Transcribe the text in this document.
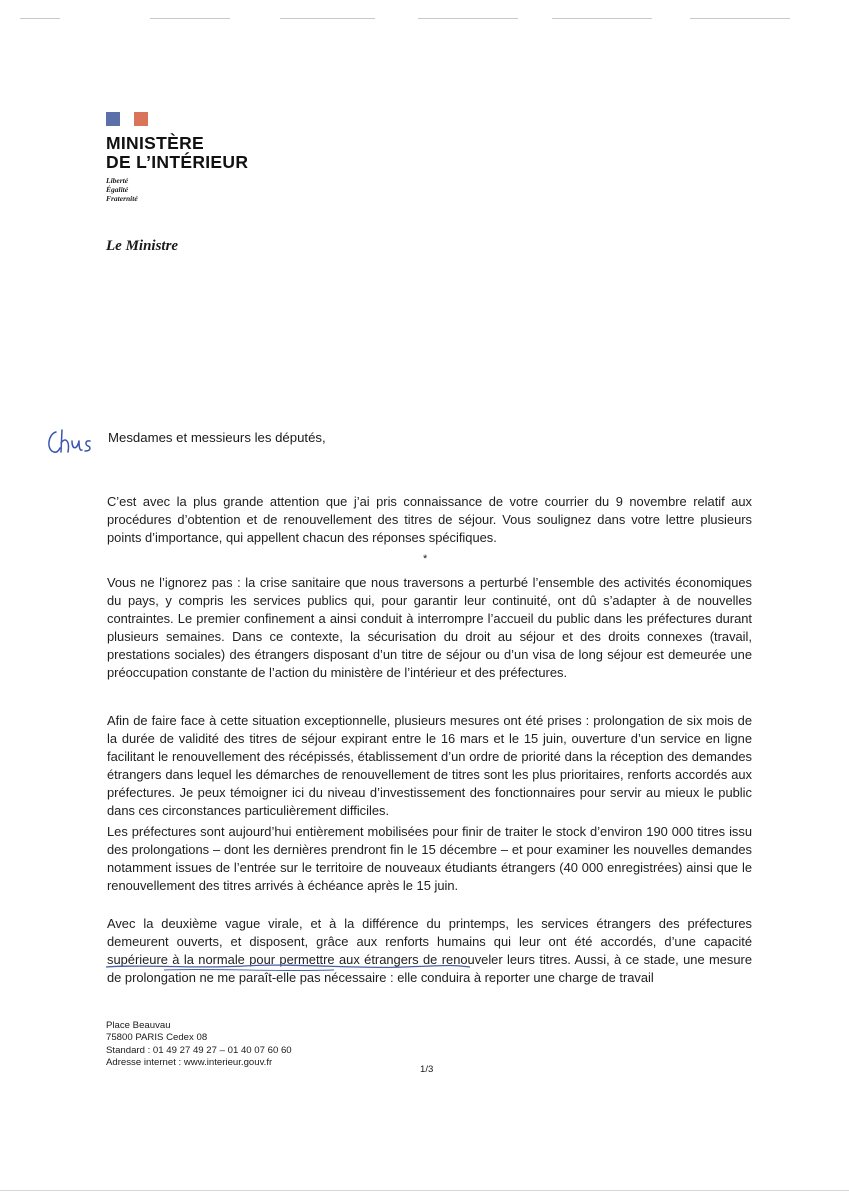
MINISTÈRE
DE L’INTÉRIEUR
Liberté
Égalité
Fraternité
Le Ministre
Mesdames et messieurs les députés,
C’est avec la plus grande attention que j’ai pris connaissance de votre courrier du 9 novembre relatif aux procédures d’obtention et de renouvellement des titres de séjour. Vous soulignez dans votre lettre plusieurs points d’importance, qui appellent chacun des réponses spécifiques.
*
Vous ne l’ignorez pas : la crise sanitaire que nous traversons a perturbé l’ensemble des activités économiques du pays, y compris les services publics qui, pour garantir leur continuité, ont dû s’adapter à de nouvelles contraintes. Le premier confinement a ainsi conduit à interrompre l’accueil du public dans les préfectures durant plusieurs semaines. Dans ce contexte, la sécurisation du droit au séjour et des droits connexes (travail, prestations sociales) des étrangers disposant d’un titre de séjour ou d’un visa de long séjour est demeurée une préoccupation constante de l’action du ministère de l’intérieur et des préfectures.
Afin de faire face à cette situation exceptionnelle, plusieurs mesures ont été prises : prolongation de six mois de la durée de validité des titres de séjour expirant entre le 16 mars et le 15 juin, ouverture d’un service en ligne facilitant le renouvellement des récépissés, établissement d’un ordre de priorité dans la réception des demandes étrangers dans lequel les démarches de renouvellement de titres sont les plus prioritaires, renforts accordés aux préfectures. Je peux témoigner ici du niveau d’investissement des fonctionnaires pour servir au mieux le public dans ces circonstances particulièrement difficiles.
Les préfectures sont aujourd’hui entièrement mobilisées pour finir de traiter le stock d’environ 190 000 titres issu des prolongations – dont les dernières prendront fin le 15 décembre – et pour examiner les nouvelles demandes notamment issues de l’entrée sur le territoire de nouveaux étudiants étrangers (40 000 enregistrées) ainsi que le renouvellement des titres arrivés à échéance après le 15 juin.
Avec la deuxième vague virale, et à la différence du printemps, les services étrangers des préfectures demeurent ouverts, et disposent, grâce aux renforts humains qui leur ont été accordés, d’une capacité supérieure à la normale pour permettre aux étrangers de renouveler leurs titres. Aussi, à ce stade, une mesure de prolongation ne me paraît-elle pas nécessaire : elle conduira à reporter une charge de travail
Place Beauvau
75800 PARIS Cedex 08
Standard : 01 49 27 49 27 – 01 40 07 60 60
Adresse internet : www.interieur.gouv.fr
1/3
